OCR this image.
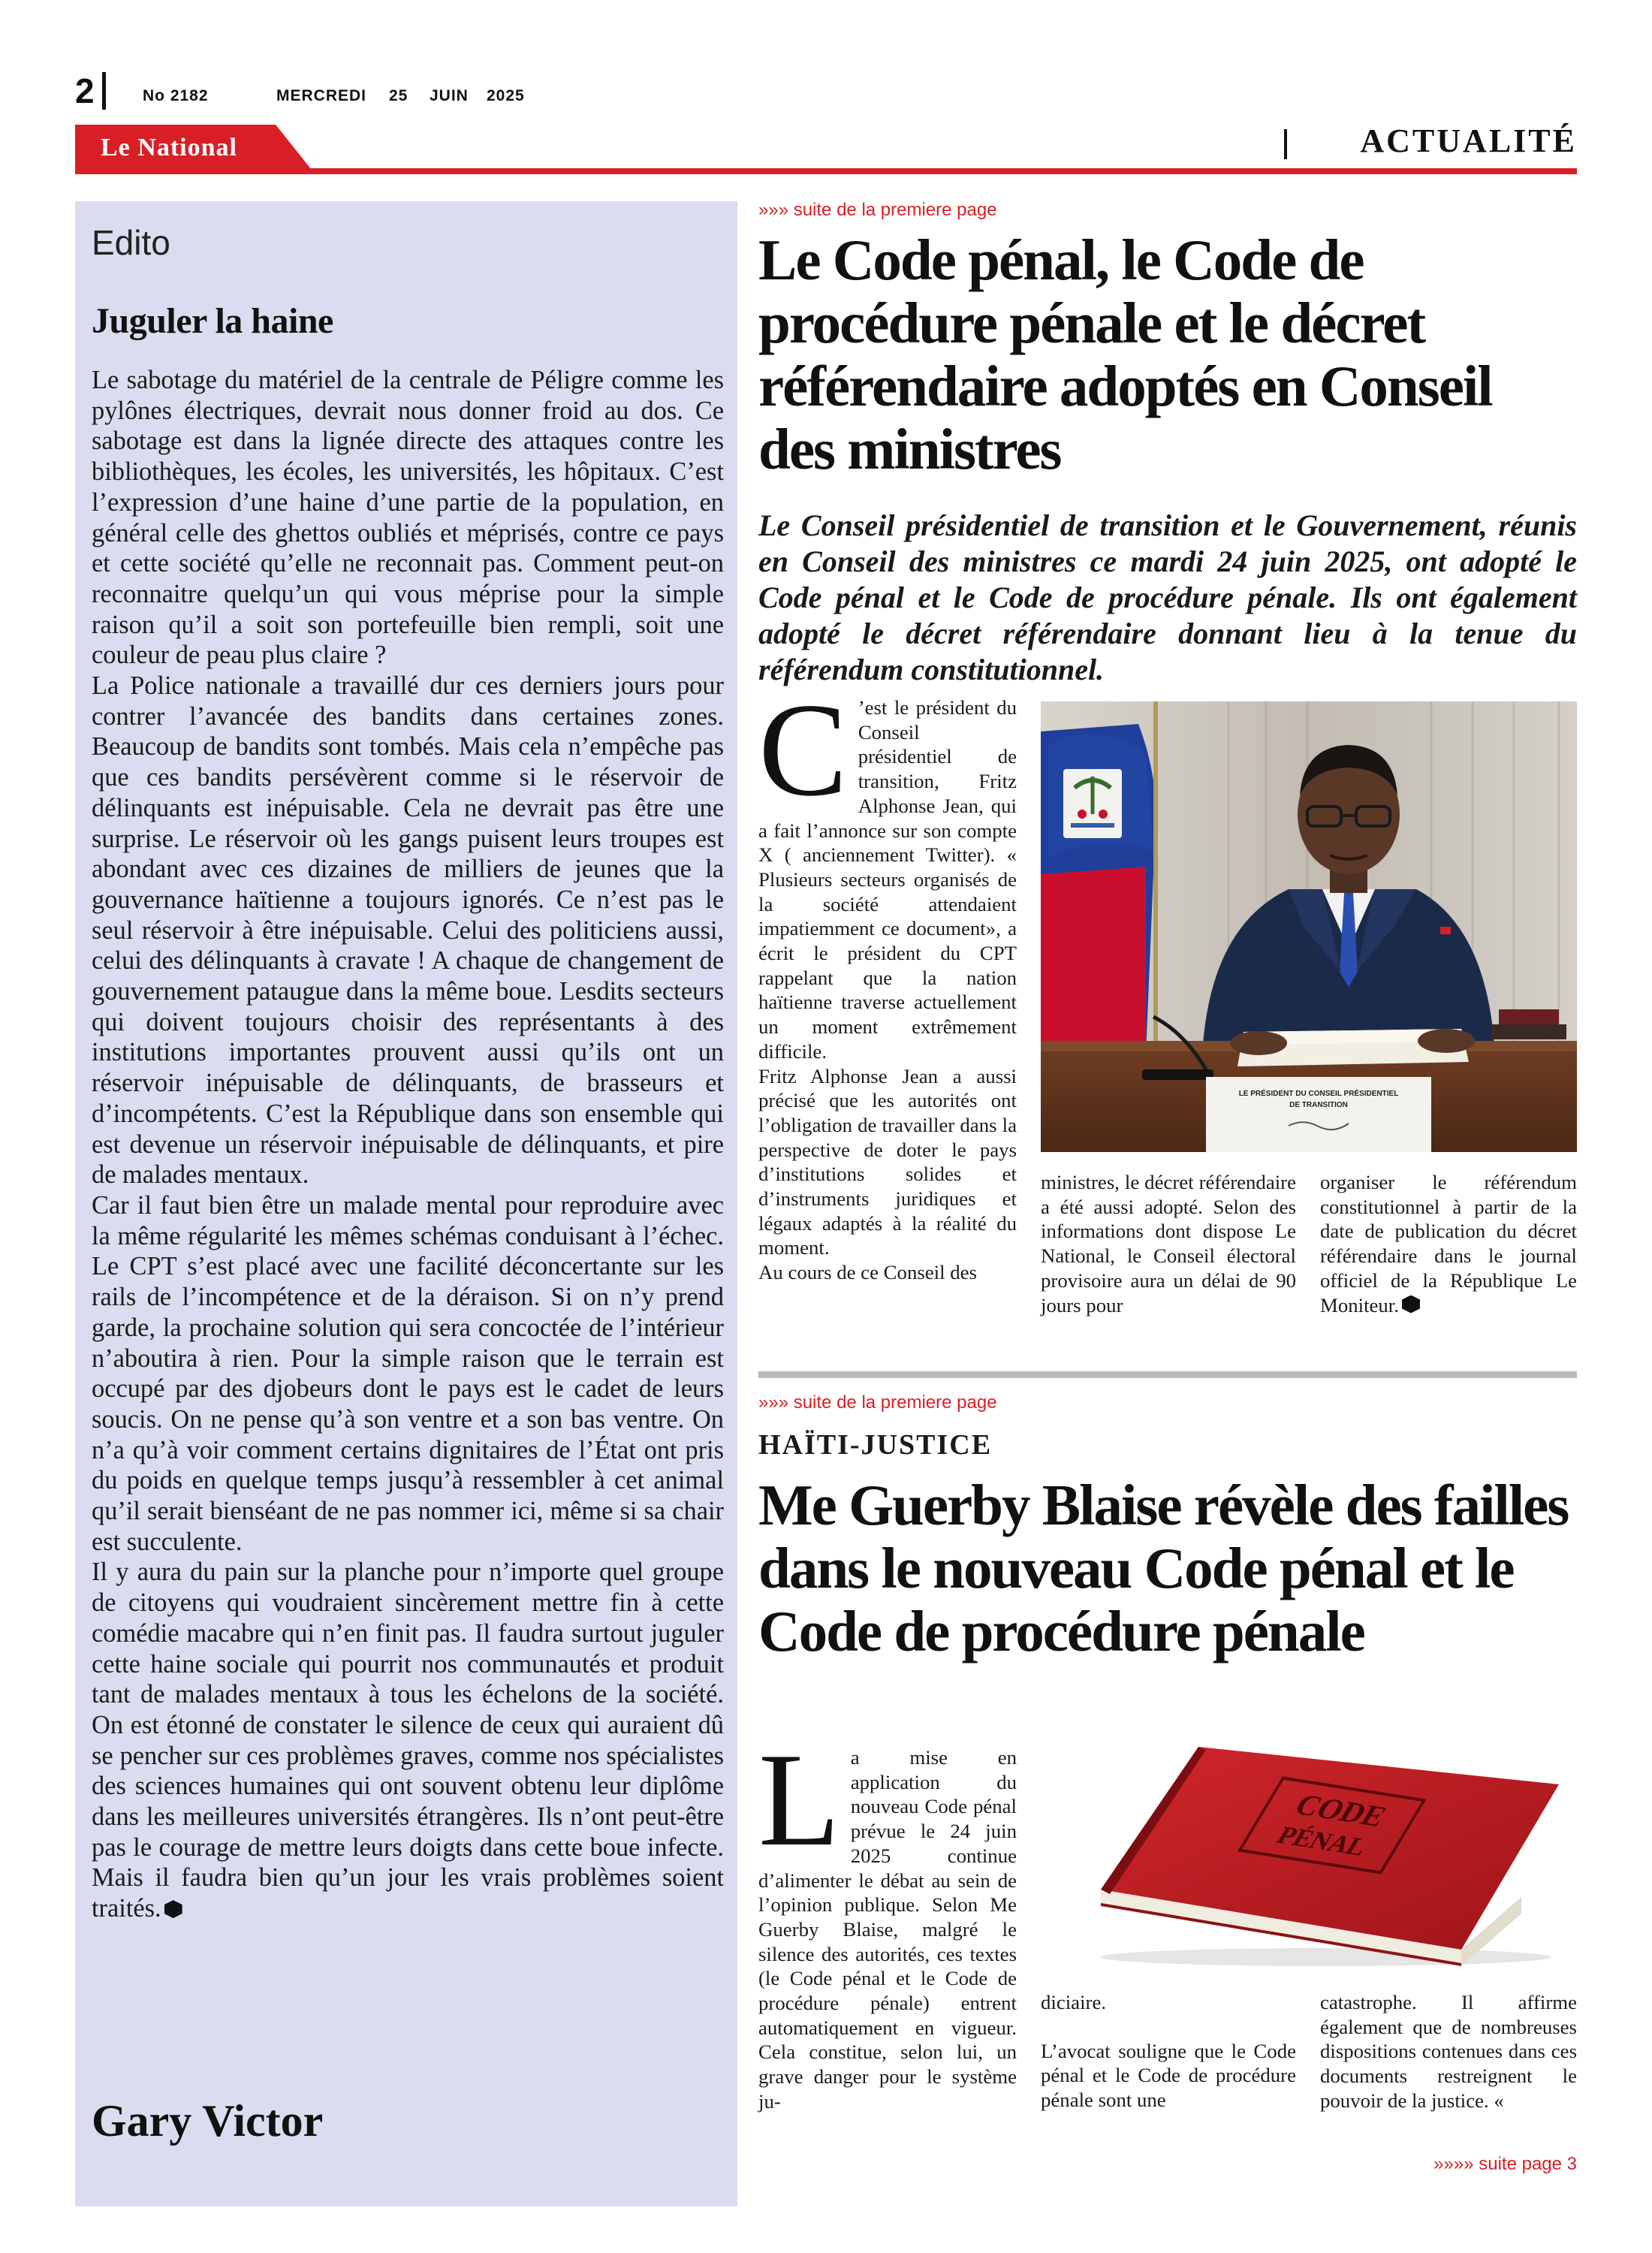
2	No 2182	MERCREDI 25 JUIN 2025
Le National	ACTUALITÉ
Edito
Juguler la haine

Le sabotage du matériel de la centrale de Péligre comme les pylônes électriques, devrait nous donner froid au dos. Ce sabotage est dans la lignée directe des attaques contre les bibliothèques, les écoles, les universités, les hôpitaux. C’est l’expression d’une haine d’une partie de la population, en général celle des ghettos oubliés et méprisés, contre ce pays et cette société qu’elle ne reconnait pas. Comment peut-on reconnaitre quelqu’un qui vous méprise pour la simple raison qu’il a soit son portefeuille bien rempli, soit une couleur de peau plus claire ?

La Police nationale a travaillé dur ces derniers jours pour contrer l’avancée des bandits dans certaines zones. Beaucoup de bandits sont tombés. Mais cela n’empêche pas que ces bandits persévèrent comme si le réservoir de délinquants est inépuisable. Cela ne devrait pas être une surprise. Le réservoir où les gangs puisent leurs troupes est abondant avec ces dizaines de milliers de jeunes que la gouvernance haïtienne a toujours ignorés. Ce n’est pas le seul réservoir à être inépuisable. Celui des politiciens aussi, celui des délinquants à cravate ! A chaque de changement de gouvernement pataugue dans la même boue. Lesdits secteurs qui doivent toujours choisir des représentants à des institutions importantes prouvent aussi qu’ils ont un réservoir inépuisable de délinquants, de brasseurs et d’incompétents. C’est la République dans son ensemble qui est devenue un réservoir inépuisable de délinquants, et pire de malades mentaux.

Car il faut bien être un malade mental pour reproduire avec la même régularité les mêmes schémas conduisant à l’échec. Le CPT s’est placé avec une facilité déconcertante sur les rails de l’incompétence et de la déraison. Si on n’y prend garde, la prochaine solution qui sera concoctée de l’intérieur n’aboutira à rien. Pour la simple raison que le terrain est occupé par des djobeurs dont le pays est le cadet de leurs soucis. On ne pense qu’à son ventre et a son bas ventre. On n’a qu’à voir comment certains dignitaires de l’État ont pris du poids en quelque temps jusqu’à ressembler à cet animal qu’il serait bienséant de ne pas nommer ici, même si sa chair est succulente.

Il y aura du pain sur la planche pour n’importe quel groupe de citoyens qui voudraient sincèrement mettre fin à cette comédie macabre qui n’en finit pas. Il faudra surtout juguler cette haine sociale qui pourrit nos communautés et produit tant de malades mentaux à tous les échelons de la société. On est étonné de constater le silence de ceux qui auraient dû se pencher sur ces problèmes graves, comme nos spécialistes des sciences humaines qui ont souvent obtenu leur diplôme dans les meilleures universités étrangères. Ils n’ont peut-être pas le courage de mettre leurs doigts dans cette boue infecte. Mais il faudra bien qu’un jour les vrais problèmes soient traités.

Gary Victor
»»» suite de la premiere page
Le Code pénal, le Code de procédure pénale et le décret référendaire adoptés en Conseil des ministres
Le Conseil présidentiel de transition et le Gouvernement, réunis en Conseil des ministres ce mardi 24 juin 2025, ont adopté le Code pénal et le Code de procédure pénale. Ils ont également adopté le décret référendaire donnant lieu à la tenue du référendum constitutionnel.

C ’est le président du Conseil présidentiel de transition, Fritz Alphonse Jean, qui a fait l’annonce sur son compte X ( anciennement Twitter). « Plusieurs secteurs organisés de la société attendaient impatiemment ce document», a écrit le président du CPT rappelant que la nation haïtienne traverse actuellement un moment extrêmement difficile.

Fritz Alphonse Jean a aussi précisé que les autorités ont l’obligation de travailler dans la perspective de doter le pays d’institutions solides et d’instruments juridiques et légaux adaptés à la réalité du moment.

Au cours de ce Conseil des

LE PRÉSIDENT DU CONSEIL PRÉSIDENTIEL
DE TRANSITION
ministres, le décret référendaire a été aussi adopté. Selon des informations dont dispose Le National, le Conseil électoral provisoire aura un délai de 90 jours pour
organiser le référendum constitutionnel à partir de la date de publication du décret référendaire dans le journal officiel de la République Le Moniteur.
»»» suite de la premiere page
HAÏTI-JUSTICE
Me Guerby Blaise révèle des failles dans le nouveau Code pénal et le Code de procédure pénale

La mise en application du nouveau Code pénal prévue le 24 juin 2025 continue d’alimenter le débat au sein de l’opinion publique. Selon Me Guerby Blaise, malgré le silence des autorités, ces textes (le Code pénal et le Code de procédure pénale) entrent automatiquement en vigueur. Cela constitue, selon lui, un grave danger pour le système ju-

CODE
PÉNAL

diciaire.

L’avocat souligne que le Code pénal et le Code de procédure pénale sont une

catastrophe. Il affirme également que de nombreuses dispositions contenues dans ces documents restreignent le pouvoir de la justice. «
»»»» suite page 3
